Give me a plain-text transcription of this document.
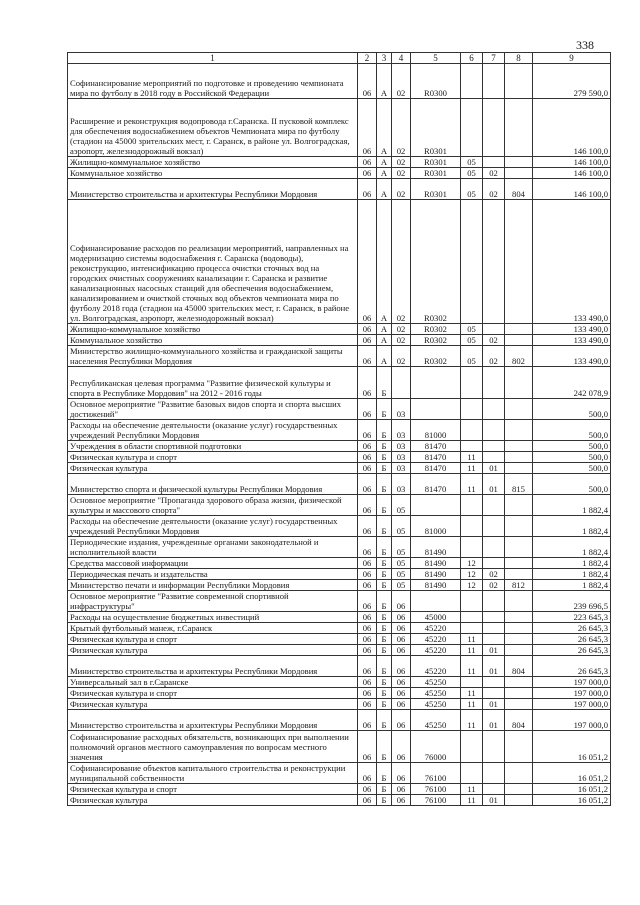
338
1	2	3	4	5	6	7	8	9
Софинансирование мероприятий по подготовке и проведению чемпионата мира по футболу в 2018 году в Российской Федерации	06	А	02	R0300				279 590,0
Расширение и реконструкция водопровода г.Саранска. II пусковой комплекс для обеспечения водоснабжением объектов Чемпионата мира по футболу (стадион на 45000 зрительских мест, г. Саранск, в районе ул. Волгоградская, аэропорт, железнодорожный вокзал)	06	А	02	R0301				146 100,0
Жилищно-коммунальное хозяйство	06	А	02	R0301	05			146 100,0
Коммунальное хозяйство	06	А	02	R0301	05	02		146 100,0
Министерство строительства и архитектуры Республики Мордовия	06	А	02	R0301	05	02	804	146 100,0
Софинансирование расходов по реализации мероприятий, направленных на модернизацию системы водоснабжения г. Саранска (водоводы), реконструкцию, интенсификацию процесса очистки сточных вод на городских очистных сооружениях канализации г. Саранска и развитие канализационных насосных станций для обеспечения водоснабжением, канализированием и очисткой сточных вод объектов чемпионата мира по футболу 2018 года (стадион на 45000 зрительских мест, г. Саранск, в районе ул. Волгоградская, аэропорт, железнодорожный вокзал)	06	А	02	R0302				133 490,0
Жилищно-коммунальное хозяйство	06	А	02	R0302	05			133 490,0
Коммунальное хозяйство	06	А	02	R0302	05	02		133 490,0
Министерство жилищно-коммунального хозяйства и гражданской защиты населения Республики Мордовия	06	А	02	R0302	05	02	802	133 490,0
Республиканская целевая программа "Развитие физической культуры и спорта в Республике Мордовия" на 2012 - 2016 годы	06	Б						242 078,9
Основное мероприятие "Развитие базовых видов спорта и спорта высших достижений"	06	Б	03					500,0
Расходы на обеспечение деятельности (оказание услуг) государственных учреждений Республики Мордовия	06	Б	03	81000				500,0
Учреждения в области спортивной подготовки	06	Б	03	81470				500,0
Физическая культура и спорт	06	Б	03	81470	11			500,0
Физическая культура	06	Б	03	81470	11	01		500,0
Министерство спорта и физической культуры Республики Мордовия	06	Б	03	81470	11	01	815	500,0
Основное мероприятие "Пропаганда здорового образа жизни, физической культуры и массового спорта"	06	Б	05					1 882,4
Расходы на обеспечение деятельности (оказание услуг) государственных учреждений Республики Мордовия	06	Б	05	81000				1 882,4
Периодические издания, учрежденные органами законодательной и исполнительной власти	06	Б	05	81490				1 882,4
Средства массовой информации	06	Б	05	81490	12			1 882,4
Периодическая печать и издательства	06	Б	05	81490	12	02		1 882,4
Министерство печати и информации Республики Мордовия	06	Б	05	81490	12	02	812	1 882,4
Основное мероприятие "Развитие современной спортивной инфраструктуры"	06	Б	06					239 696,5
Расходы на осуществление бюджетных инвестиций	06	Б	06	45000				223 645,3
Крытый футбольный манеж, г.Саранск	06	Б	06	45220				26 645,3
Физическая культура и спорт	06	Б	06	45220	11			26 645,3
Физическая культура	06	Б	06	45220	11	01		26 645,3
Министерство строительства и архитектуры Республики Мордовия	06	Б	06	45220	11	01	804	26 645,3
Универсальный зал в г.Саранске	06	Б	06	45250				197 000,0
Физическая культура и спорт	06	Б	06	45250	11			197 000,0
Физическая культура	06	Б	06	45250	11	01		197 000,0
Министерство строительства и архитектуры Республики Мордовия	06	Б	06	45250	11	01	804	197 000,0
Софинансирование расходных обязательств, возникающих при выполнении полномочий органов местного самоуправления по вопросам местного значения	06	Б	06	76000				16 051,2
Софинансирование объектов капитального строительства и реконструкции муниципальной собственности	06	Б	06	76100				16 051,2
Физическая культура и спорт	06	Б	06	76100	11			16 051,2
Физическая культура	06	Б	06	76100	11	01		16 051,2
